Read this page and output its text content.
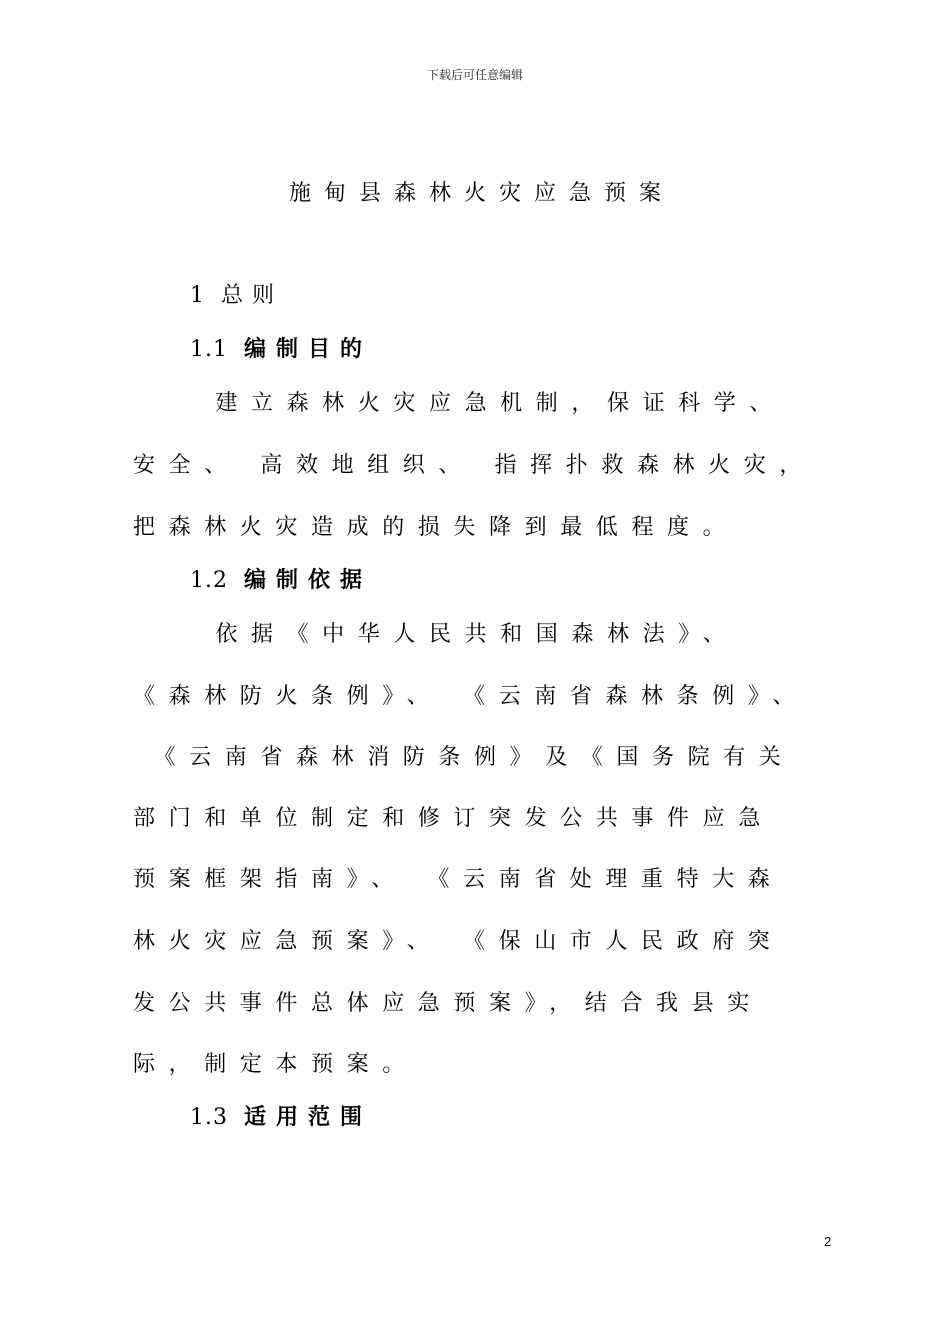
下载后可任意编辑
施甸县森林火灾应急预案
1 总则
1.1 编制目的
建立森林火灾应急机制，保证科学、
安全、 高效地组织、 指挥扑救森林火灾，
把森林火灾造成的损失降到最低程度。
1.2 编制依据
依据《中华人民共和国森林法》、
《森林防火条例》、 《云南省森林条例》、
《云南省森林消防条例》及《国务院有关
部门和单位制定和修订突发公共事件应急
预案框架指南》、 《云南省处理重特大森
林火灾应急预案》、 《保山市人民政府突
发公共事件总体应急预案》，结合我县实
际，制定本预案。
1.3 适用范围
2
